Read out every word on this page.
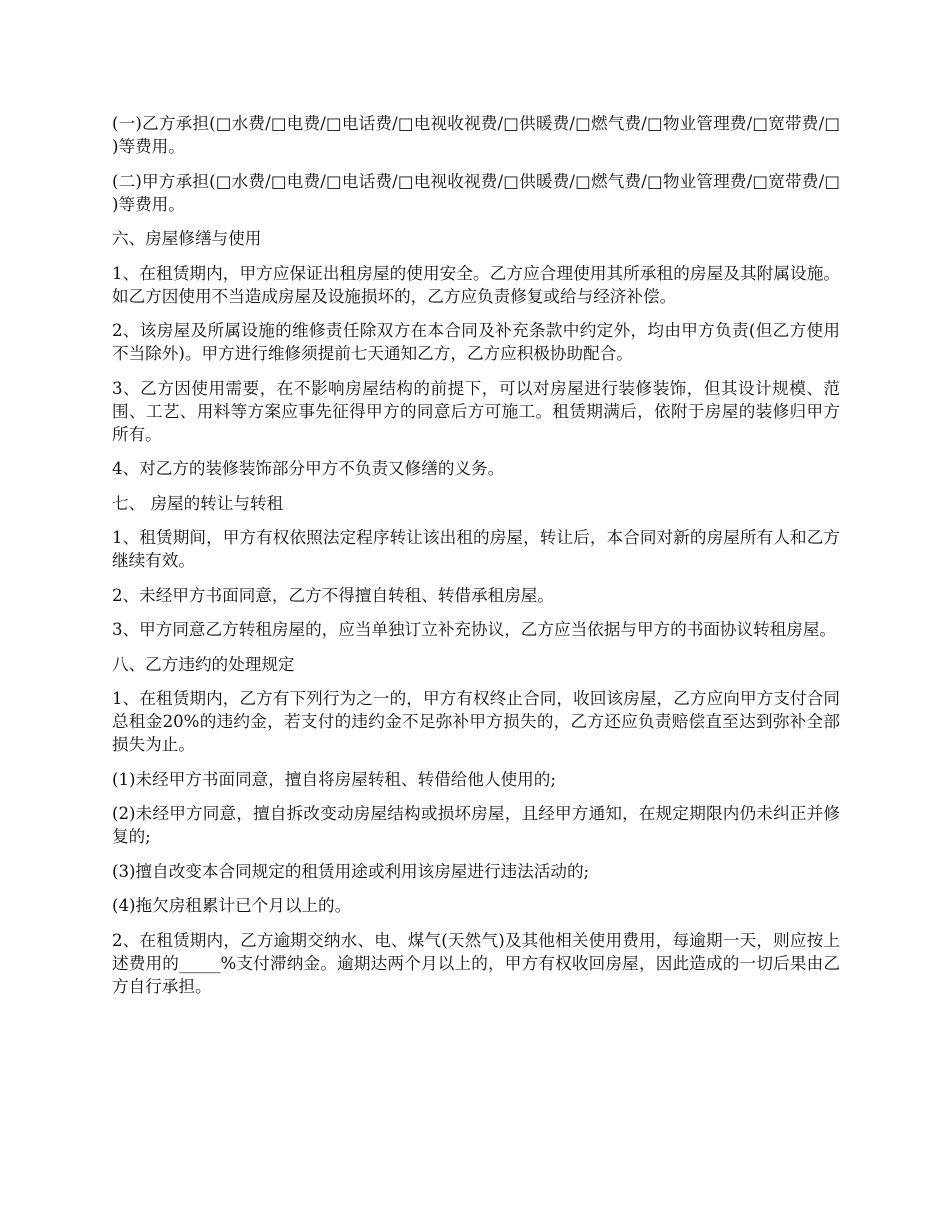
(一)乙方承担(□水费/□电费/□电话费/□电视收视费/□供暖费/□燃气费/□物业管理费/□宽带费/□ )等费用。

(二)甲方承担(□水费/□电费/□电话费/□电视收视费/□供暖费/□燃气费/□物业管理费/□宽带费/□ )等费用。

六、房屋修缮与使用

1、在租赁期内，甲方应保证出租房屋的使用安全。乙方应合理使用其所承租的房屋及其附属设施。如乙方因使用不当造成房屋及设施损坏的，乙方应负责修复或给与经济补偿。

2、该房屋及所属设施的维修责任除双方在本合同及补充条款中约定外，均由甲方负责(但乙方使用不当除外)。甲方进行维修须提前七天通知乙方，乙方应积极协助配合。

3、乙方因使用需要，在不影响房屋结构的前提下，可以对房屋进行装修装饰，但其设计规模、范围、工艺、用料等方案应事先征得甲方的同意后方可施工。租赁期满后，依附于房屋的装修归甲方所有。

4、对乙方的装修装饰部分甲方不负责又修缮的义务。

七、 房屋的转让与转租

1、租赁期间，甲方有权依照法定程序转让该出租的房屋，转让后，本合同对新的房屋所有人和乙方继续有效。

2、未经甲方书面同意，乙方不得擅自转租、转借承租房屋。

3、甲方同意乙方转租房屋的，应当单独订立补充协议，乙方应当依据与甲方的书面协议转租房屋。

八、乙方违约的处理规定

1、在租赁期内，乙方有下列行为之一的，甲方有权终止合同，收回该房屋，乙方应向甲方支付合同总租金20%的违约金，若支付的违约金不足弥补甲方损失的，乙方还应负责赔偿直至达到弥补全部损失为止。

(1)未经甲方书面同意，擅自将房屋转租、转借给他人使用的;

(2)未经甲方同意，擅自拆改变动房屋结构或损坏房屋，且经甲方通知，在规定期限内仍未纠正并修复的;

(3)擅自改变本合同规定的租赁用途或利用该房屋进行违法活动的;

(4)拖欠房租累计已个月以上的。

2、在租赁期内，乙方逾期交纳水、电、煤气(天然气)及其他相关使用费用，每逾期一天，则应按上述费用的_____%支付滞纳金。逾期达两个月以上的，甲方有权收回房屋，因此造成的一切后果由乙方自行承担。
